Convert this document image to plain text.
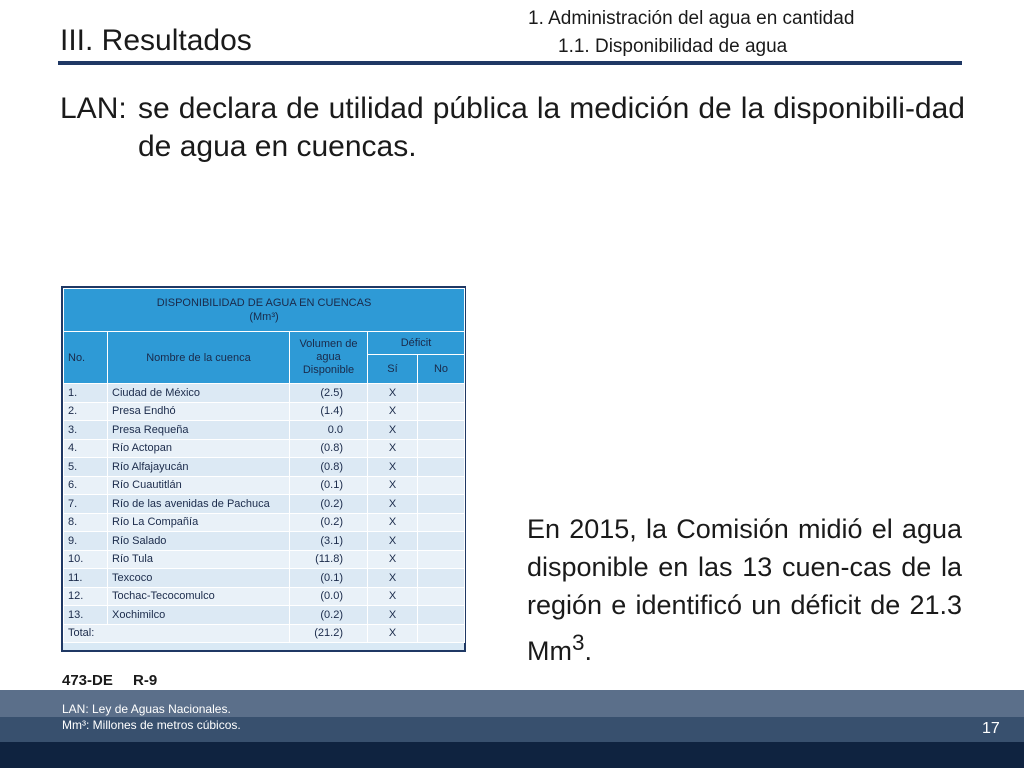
III. Resultados
1. Administración del agua en cantidad
1.1. Disponibilidad de agua
LAN: se declara de utilidad pública la medición de la disponibili-dad de agua en cuencas.
DISPONIBILIDAD DE AGUA EN CUENCAS
(Mm³)				

No.	Nombre de la cuenca	Volumen de agua Disponible	Déficit	
			Sí	No
1.	Ciudad de México	(2.5)	X	
2.	Presa Endhó	(1.4)	X	
3.	Presa Requeña	0.0	X	
4.	Río Actopan	(0.8)	X	
5.	Río Alfajayucán	(0.8)	X	
6.	Río Cuautitlán	(0.1)	X	
7.	Río de las avenidas de Pachuca	(0.2)	X	
8.	Río La Compañía	(0.2)	X	
9.	Río Salado	(3.1)	X	
10.	Río Tula	(11.8)	X	
11.	Texcoco	(0.1)	X	
12.	Tochac-Tecocomulco	(0.0)	X	
13.	Xochimilco	(0.2)	X	
Total:		(21.2)	X	
En 2015, la Comisión midió el agua disponible en las 13 cuen-cas de la región e identificó un déficit de 21.3 Mm$^3$.
473-DE R-9
LAN: Ley de Aguas Nacionales.
Mm³: Millones de metros cúbicos.	17
